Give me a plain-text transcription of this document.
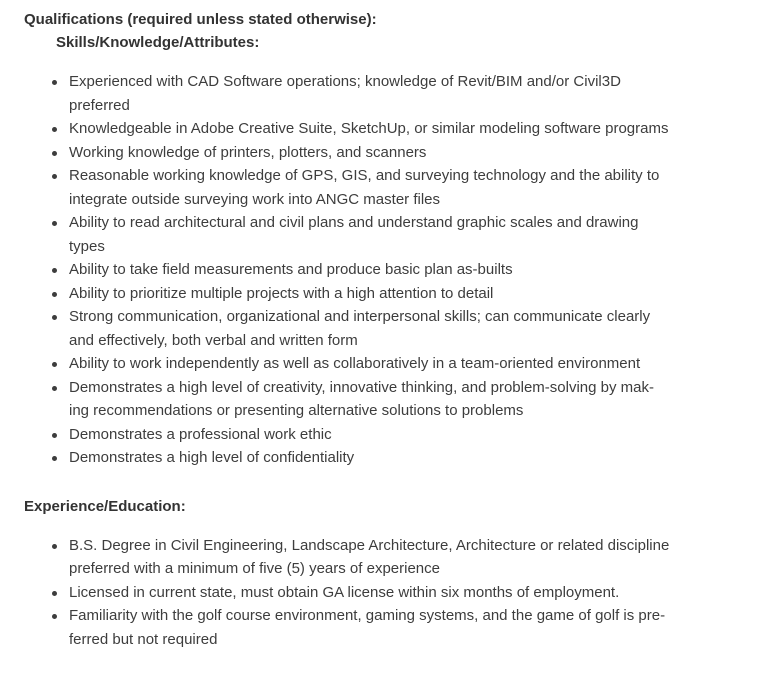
Qualifications (required unless stated otherwise):

Skills/Knowledge/Attributes:

Experienced with CAD Software operations; knowledge of Revit/BIM and/or Civil3D
preferred
Knowledgeable in Adobe Creative Suite, SketchUp, or similar modeling software programs
Working knowledge of printers, plotters, and scanners
Reasonable working knowledge of GPS, GIS, and surveying technology and the ability to
integrate outside surveying work into ANGC master files
Ability to read architectural and civil plans and understand graphic scales and drawing
types
Ability to take field measurements and produce basic plan as-builts
Ability to prioritize multiple projects with a high attention to detail
Strong communication, organizational and interpersonal skills; can communicate clearly
and effectively, both verbal and written form
Ability to work independently as well as collaboratively in a team-oriented environment
Demonstrates a high level of creativity, innovative thinking, and problem-solving by mak-
ing recommendations or presenting alternative solutions to problems
Demonstrates a professional work ethic
Demonstrates a high level of confidentiality

Experience/Education:

B.S. Degree in Civil Engineering, Landscape Architecture, Architecture or related discipline
preferred with a minimum of five (5) years of experience
Licensed in current state, must obtain GA license within six months of employment.
Familiarity with the golf course environment, gaming systems, and the game of golf is pre-
ferred but not required
